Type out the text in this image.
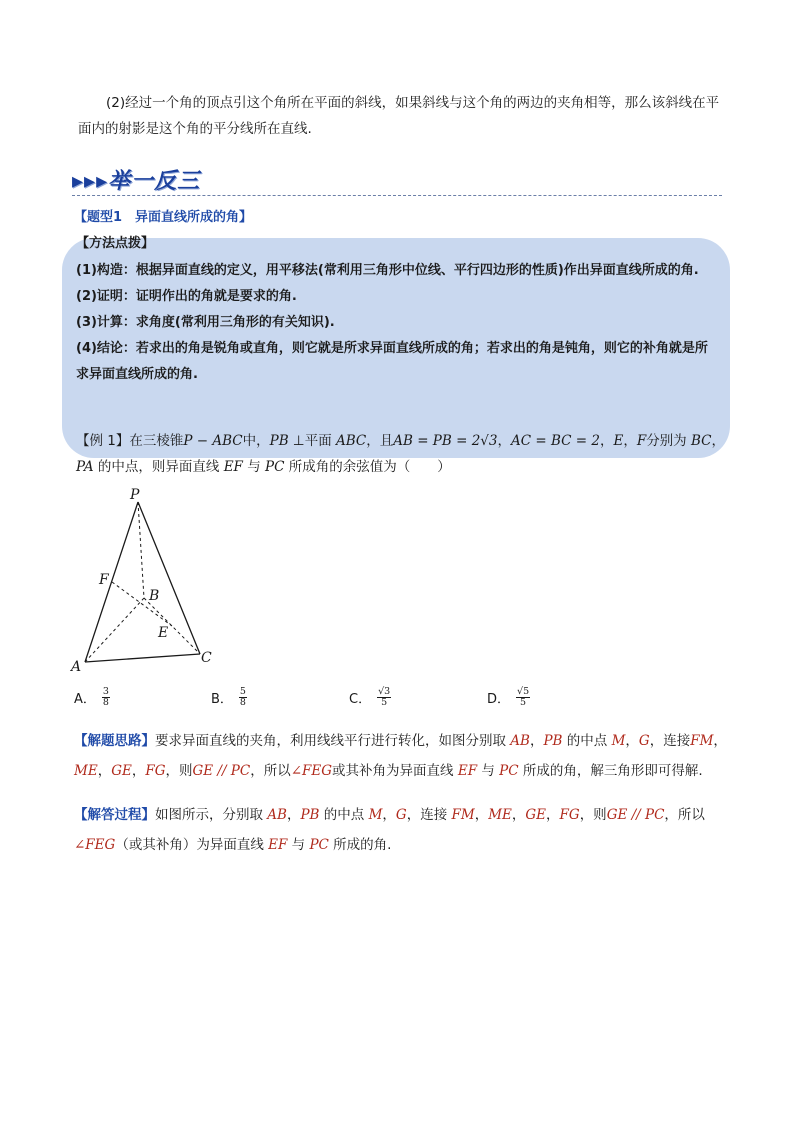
(2)经过一个角的顶点引这个角所在平面的斜线，如果斜线与这个角的两边的夹角相等，那么该斜线在平面内的射影是这个角的平分线所在直线.
▸▸▸举一反三
【题型1　异面直线所成的角】
【方法点拨】
(1)构造：根据异面直线的定义，用平移法(常利用三角形中位线、平行四边形的性质)作出异面直线所成的角.
(2)证明：证明作出的角就是要求的角.
(3)计算：求角度(常利用三角形的有关知识).
(4)结论：若求出的角是锐角或直角，则它就是所求异面直线所成的角；若求出的角是钝角，则它的补角就是所求异面直线所成的角.
【例 1】在三棱锥P − ABC中，PB ⊥平面 ABC，且AB = PB = 2√3，AC = BC = 2，E，F分别为 BC，PA 的中点，则异面直线 EF 与 PC 所成角的余弦值为（　　）
P
F
B
E
A
C
A． $\frac{3}{8}$	B． $\frac{5}{8}$	C． $\frac{√3}{5}$	D． $\frac{√5}{5}$
【解题思路】要求异面直线的夹角，利用线线平行进行转化，如图分别取 AB，PB 的中点 M，G，连接FM，ME，GE，FG，则GE // PC，所以∠FEG或其补角为异面直线 EF 与 PC 所成的角，解三角形即可得解.
【解答过程】如图所示，分别取 AB，PB 的中点 M，G，连接 FM，ME，GE，FG，则GE // PC，所以∠FEG（或其补角）为异面直线 EF 与 PC 所成的角.
